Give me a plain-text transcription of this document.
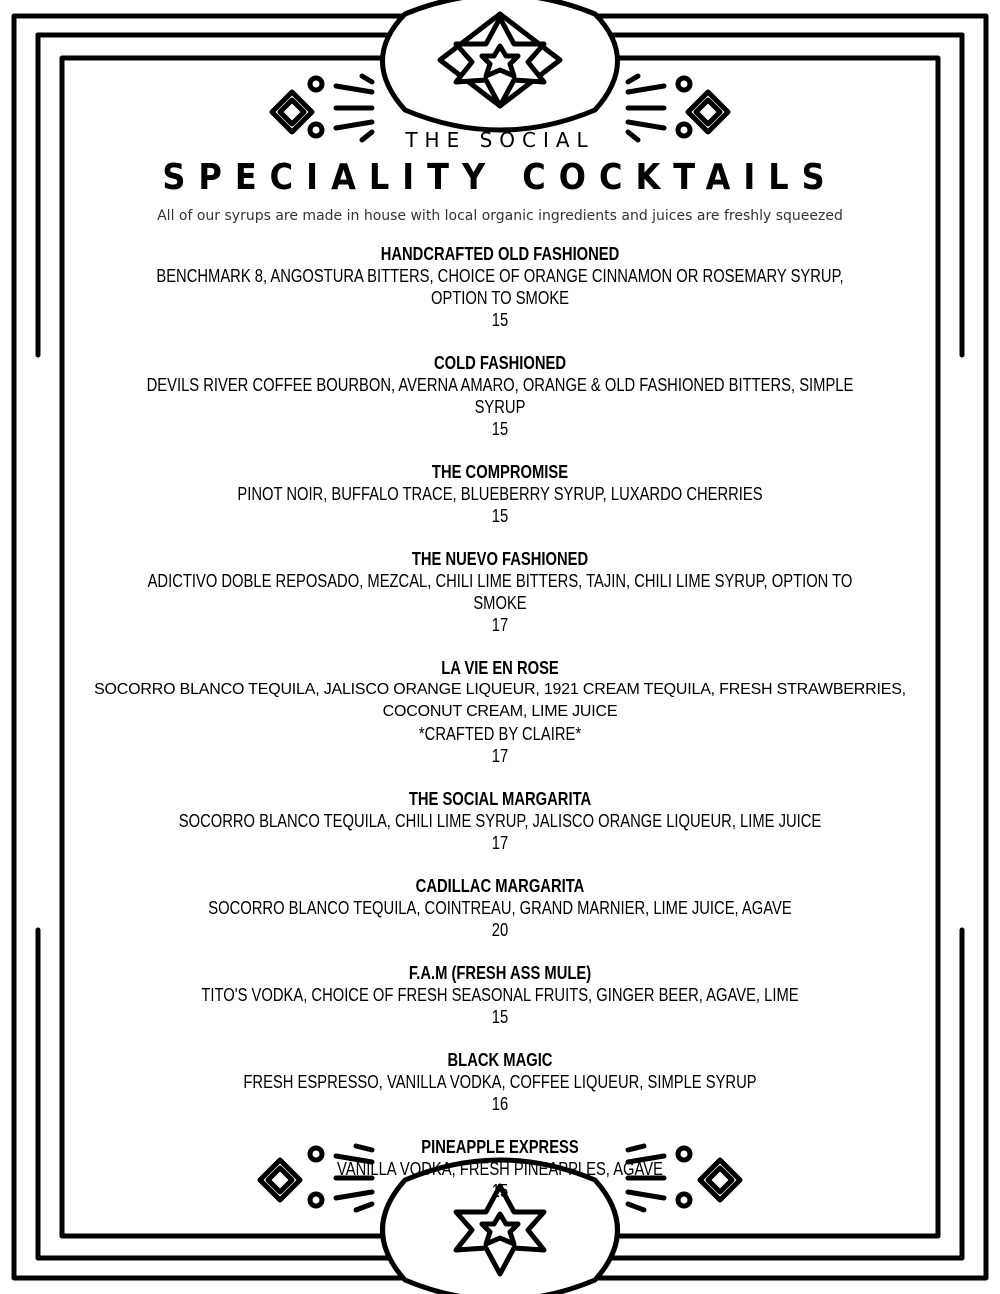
THE SOCIAL
SPECIALITY COCKTAILS
All of our syrups are made in house with local organic ingredients and juices are freshly squeezed
HANDCRAFTED OLD FASHIONED
BENCHMARK 8, ANGOSTURA BITTERS, CHOICE OF ORANGE CINNAMON OR ROSEMARY SYRUP, OPTION TO SMOKE
15
COLD FASHIONED
DEVILS RIVER COFFEE BOURBON, AVERNA AMARO, ORANGE & OLD FASHIONED BITTERS, SIMPLE SYRUP
15
THE COMPROMISE
PINOT NOIR, BUFFALO TRACE, BLUEBERRY SYRUP, LUXARDO CHERRIES
15
THE NUEVO FASHIONED
ADICTIVO DOBLE REPOSADO, MEZCAL, CHILI LIME BITTERS, TAJIN, CHILI LIME SYRUP, OPTION TO SMOKE
17
LA VIE EN ROSE
SOCORRO BLANCO TEQUILA, JALISCO ORANGE LIQUEUR, 1921 CREAM TEQUILA, FRESH STRAWBERRIES, COCONUT CREAM, LIME JUICE
*CRAFTED BY CLAIRE*
17
THE SOCIAL MARGARITA
SOCORRO BLANCO TEQUILA, CHILI LIME SYRUP, JALISCO ORANGE LIQUEUR, LIME JUICE
17
CADILLAC MARGARITA
SOCORRO BLANCO TEQUILA, COINTREAU, GRAND MARNIER, LIME JUICE, AGAVE
20
F.A.M (FRESH ASS MULE)
TITO'S VODKA, CHOICE OF FRESH SEASONAL FRUITS, GINGER BEER, AGAVE, LIME
15
BLACK MAGIC
FRESH ESPRESSO, VANILLA VODKA, COFFEE LIQUEUR, SIMPLE SYRUP
16
PINEAPPLE EXPRESS
VANILLA VODKA, FRESH PINEAPPLES, AGAVE
15
